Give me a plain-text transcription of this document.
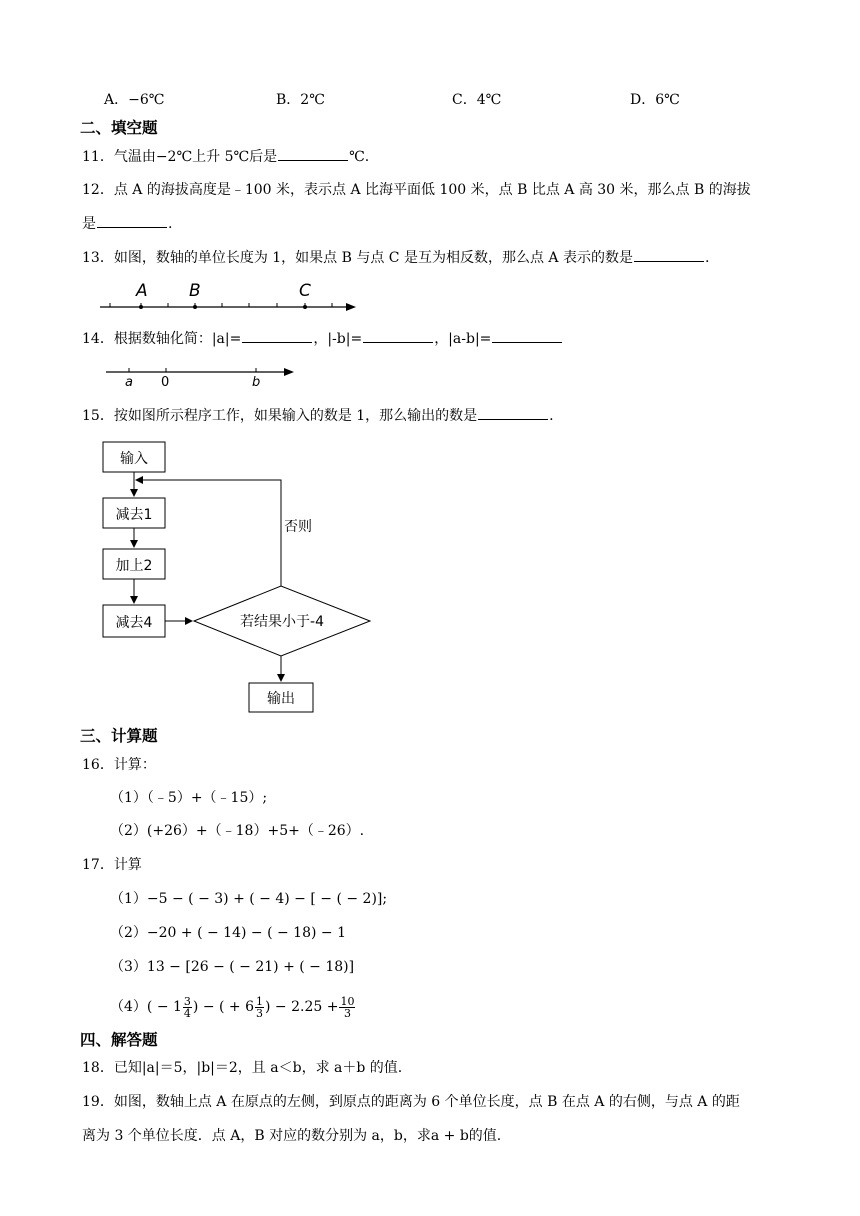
A．−6℃	B．2℃	C．4℃	D．6℃
二、填空题
11．气温由−2℃上升 5℃后是	℃.
12．点 A 的海拔高度是﹣100 米，表示点 A 比海平面低 100 米，点 B 比点 A 高 30 米，那么点 B 的海拔
是	.
13．如图，数轴的单位长度为 1，如果点 B 与点 C 是互为相反数，那么点 A 表示的数是	.
A B	C
14．根据数轴化简：|a|=	，|-b|=	，|a-b|=
a 0	b
15．按如图所示程序工作，如果输入的数是 1，那么输出的数是	.
输入
减去1
加上2
减去4	若结果小于-4
否则
输出
三、计算题
16．计算：
（1）（﹣5）+（﹣15）;
（2）(+26）+（﹣18）+5+（﹣26）.
17．计算
（1）−5 − ( − 3) + ( − 4) − [ − ( − 2)];
（2）−20 + ( − 14) − ( − 18) − 1
（3）13 − [26 − ( − 21) + ( − 18)]
$(4)( - 1 \frac{3}{4}$ ) − ( + $6 \frac{1}{3}$ ) − $2.25 + \frac{10}{3}$
四、解答题
18．已知|a|＝5，|b|＝2，且 a＜b，求 a＋b 的值.
19．如图，数轴上点 A 在原点的左侧，到原点的距离为 6 个单位长度，点 B 在点 A 的右侧，与点 A 的距
离为 3 个单位长度．点 A，B 对应的数分别为 a，b，求a + b的值.
